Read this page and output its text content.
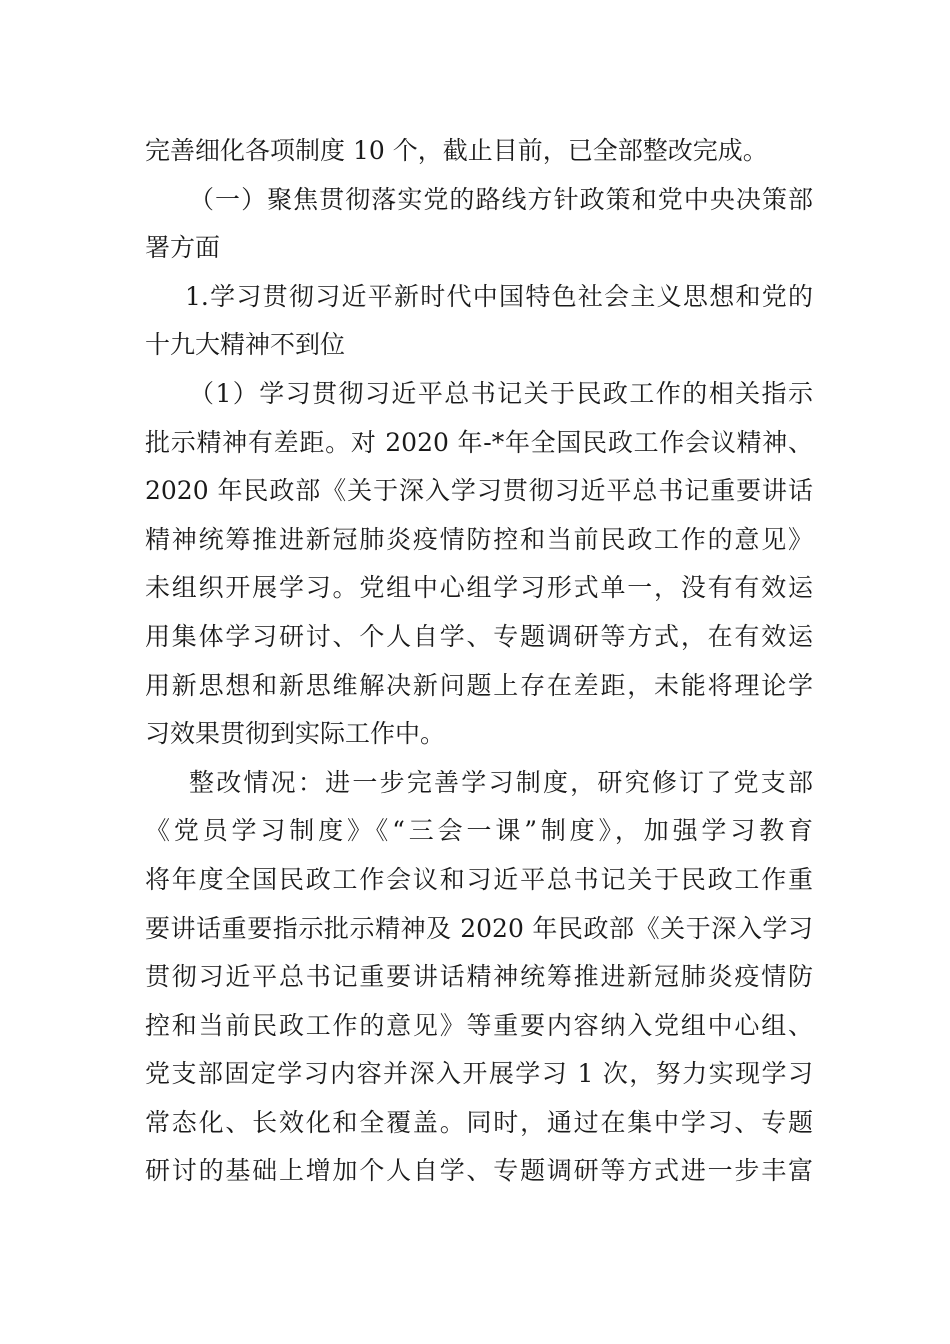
完善细化各项制度 10 个，截止目前，已全部整改完成。
（一）聚焦贯彻落实党的路线方针政策和党中央决策部
署方面
1.学习贯彻习近平新时代中国特色社会主义思想和党的
十九大精神不到位
（1）学习贯彻习近平总书记关于民政工作的相关指示
批示精神有差距。对 2020 年-*年全国民政工作会议精神、
2020 年民政部《关于深入学习贯彻习近平总书记重要讲话
精神统筹推进新冠肺炎疫情防控和当前民政工作的意见》
未组织开展学习。党组中心组学习形式单一，没有有效运
用集体学习研讨、个人自学、专题调研等方式，在有效运
用新思想和新思维解决新问题上存在差距，未能将理论学
习效果贯彻到实际工作中。
整改情况：进一步完善学习制度，研究修订了党支部
《党员学习制度》《“三会一课”制度》，加强学习教育
将年度全国民政工作会议和习近平总书记关于民政工作重
要讲话重要指示批示精神及 2020 年民政部《关于深入学习
贯彻习近平总书记重要讲话精神统筹推进新冠肺炎疫情防
控和当前民政工作的意见》等重要内容纳入党组中心组、
党支部固定学习内容并深入开展学习 1 次，努力实现学习
常态化、长效化和全覆盖。同时，通过在集中学习、专题
研讨的基础上增加个人自学、专题调研等方式进一步丰富
